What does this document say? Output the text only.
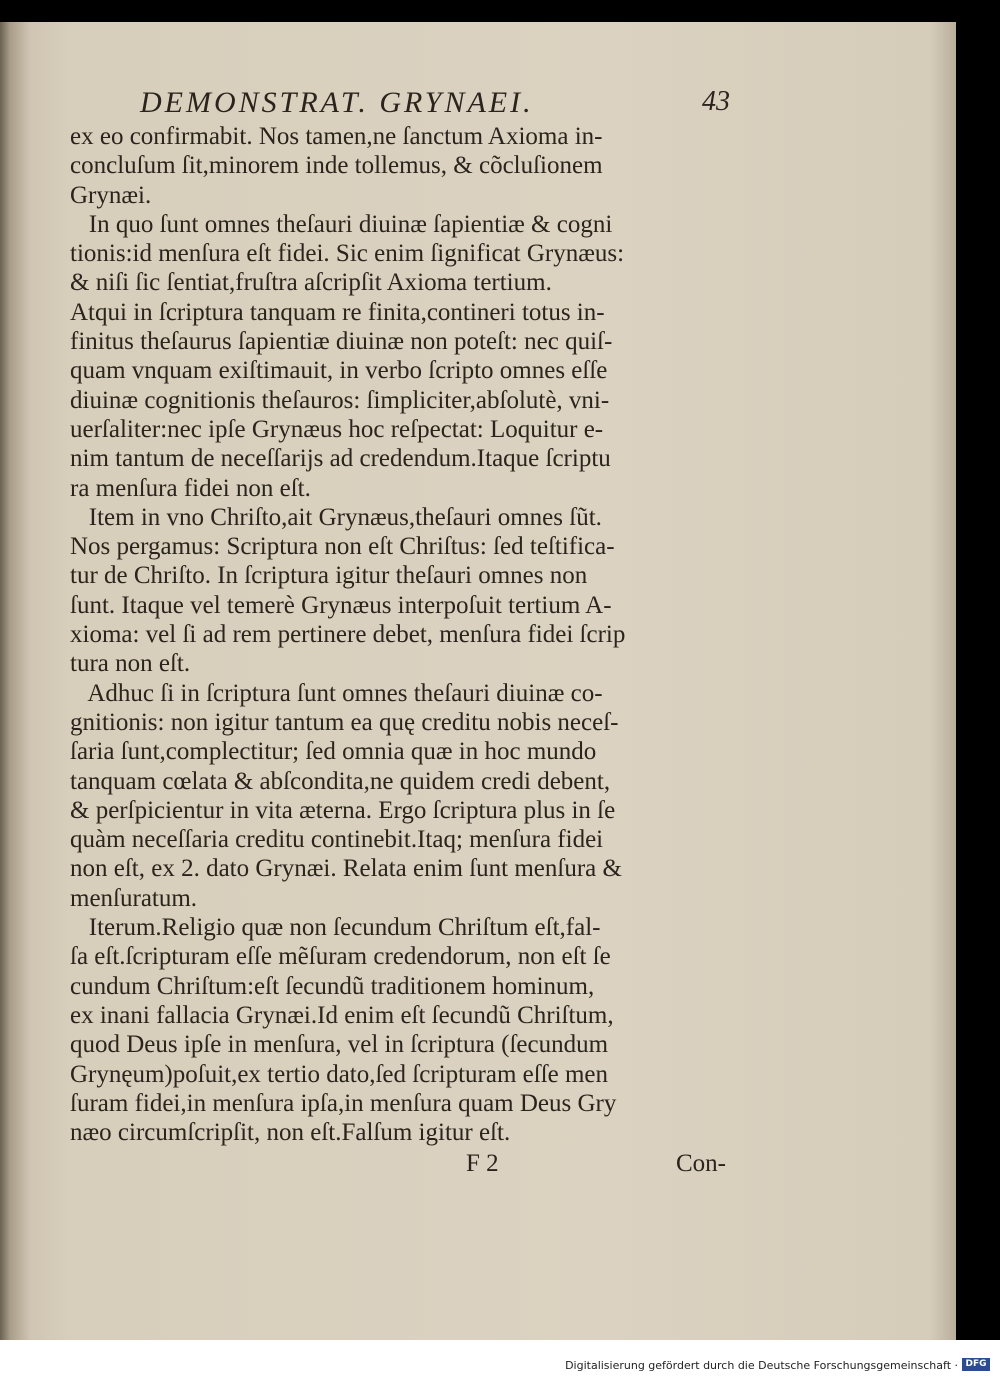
DEMONSTRAT. GRYNAEI.	43
ex eo confirmabit. Nos tamen,ne ſanctum Axioma in-
concluſum ſit,minorem inde tollemus, & cõcluſionem
Grynæi.
In quo ſunt omnes theſauri diuinæ ſapientiæ & cogni
tionis:id menſura eſt fidei. Sic enim ſignificat Grynæus:
& niſi ſic ſentiat,fruſtra aſcripſit Axioma tertium.
Atqui in ſcriptura tanquam re finita,contineri totus in-
finitus theſaurus ſapientiæ diuinæ non poteſt: nec quiſ-
quam vnquam exiſtimauit, in verbo ſcripto omnes eſſe
diuinæ cognitionis theſauros: ſimpliciter,abſolutè, vni-
uerſaliter:nec ipſe Grynæus hoc reſpectat: Loquitur e-
nim tantum de neceſſarijs ad credendum.Itaque ſcriptu
ra menſura fidei non eſt.
Item in vno Chriſto,ait Grynæus,theſauri omnes ſũt.
Nos pergamus: Scriptura non eſt Chriſtus: ſed teſtifica-
tur de Chriſto. In ſcriptura igitur theſauri omnes non
ſunt. Itaque vel temerè Grynæus interpoſuit tertium A-
xioma: vel ſi ad rem pertinere debet, menſura fidei ſcrip
tura non eſt.
Adhuc ſi in ſcriptura ſunt omnes theſauri diuinæ co-
gnitionis: non igitur tantum ea quę creditu nobis neceſ-
ſaria ſunt,complectitur; ſed omnia quæ in hoc mundo
tanquam cœlata & abſcondita,ne quidem credi debent,
& perſpicientur in vita æterna. Ergo ſcriptura plus in ſe
quàm neceſſaria creditu continebit.Itaq; menſura fidei
non eſt, ex 2. dato Grynæi. Relata enim ſunt menſura &
menſuratum.
Iterum.Religio quæ non ſecundum Chriſtum eſt,fal-
ſa eſt.ſcripturam eſſe mẽſuram credendorum, non eſt ſe
cundum Chriſtum:eſt ſecundũ traditionem hominum,
ex inani fallacia Grynæi.Id enim eſt ſecundũ Chriſtum,
quod Deus ipſe in menſura, vel in ſcriptura (ſecundum
Grynęum)poſuit,ex tertio dato,ſed ſcripturam eſſe men
ſuram fidei,in menſura ipſa,in menſura quam Deus Gry
næo circumſcripſit, non eſt.Falſum igitur eſt.
F 2	Con-
Digitalisierung gefördert durch die Deutsche Forschungsgemeinschaft · DFG
